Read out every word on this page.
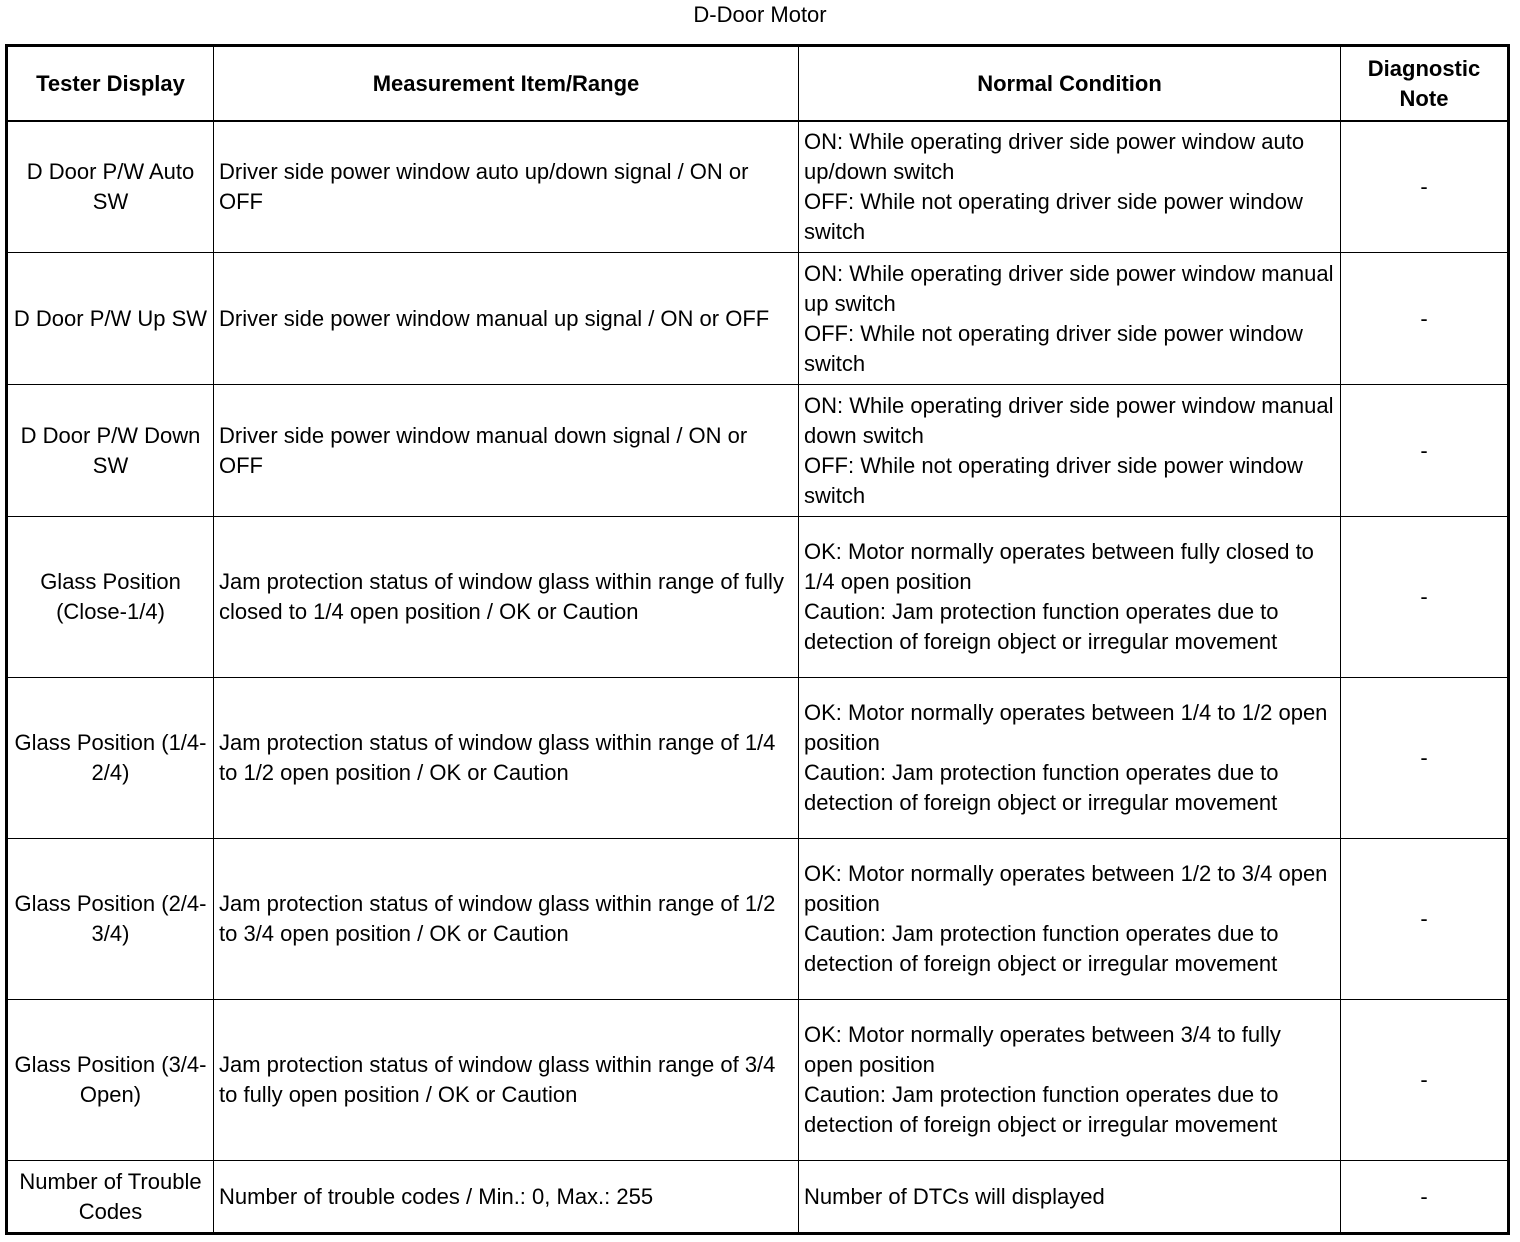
D-Door Motor
Tester Display	Measurement Item/Range	Normal Condition	Diagnostic Note
D Door P/W Auto SW	Driver side power window auto up/down signal / ON or OFF	ON: While operating driver side power window auto up/down switch
OFF: While not operating driver side power window switch	-
D Door P/W Up SW	Driver side power window manual up signal / ON or OFF	ON: While operating driver side power window manual up switch
OFF: While not operating driver side power window switch	-
D Door P/W Down SW	Driver side power window manual down signal / ON or OFF	ON: While operating driver side power window manual down switch
OFF: While not operating driver side power window switch	-
Glass Position (Close-1/4)	Jam protection status of window glass within range of fully closed to 1/4 open position / OK or Caution	OK: Motor normally operates between fully closed to 1/4 open position
Caution: Jam protection function operates due to detection of foreign object or irregular movement	-
Glass Position (1/4-2/4)	Jam protection status of window glass within range of 1/4 to 1/2 open position / OK or Caution	OK: Motor normally operates between 1/4 to 1/2 open position
Caution: Jam protection function operates due to detection of foreign object or irregular movement	-
Glass Position (2/4-3/4)	Jam protection status of window glass within range of 1/2 to 3/4 open position / OK or Caution	OK: Motor normally operates between 1/2 to 3/4 open position
Caution: Jam protection function operates due to detection of foreign object or irregular movement	-
Glass Position (3/4-Open)	Jam protection status of window glass within range of 3/4 to fully open position / OK or Caution	OK: Motor normally operates between 3/4 to fully open position
Caution: Jam protection function operates due to detection of foreign object or irregular movement	-
Number of Trouble Codes	Number of trouble codes / Min.: 0, Max.: 255	Number of DTCs will displayed	-
